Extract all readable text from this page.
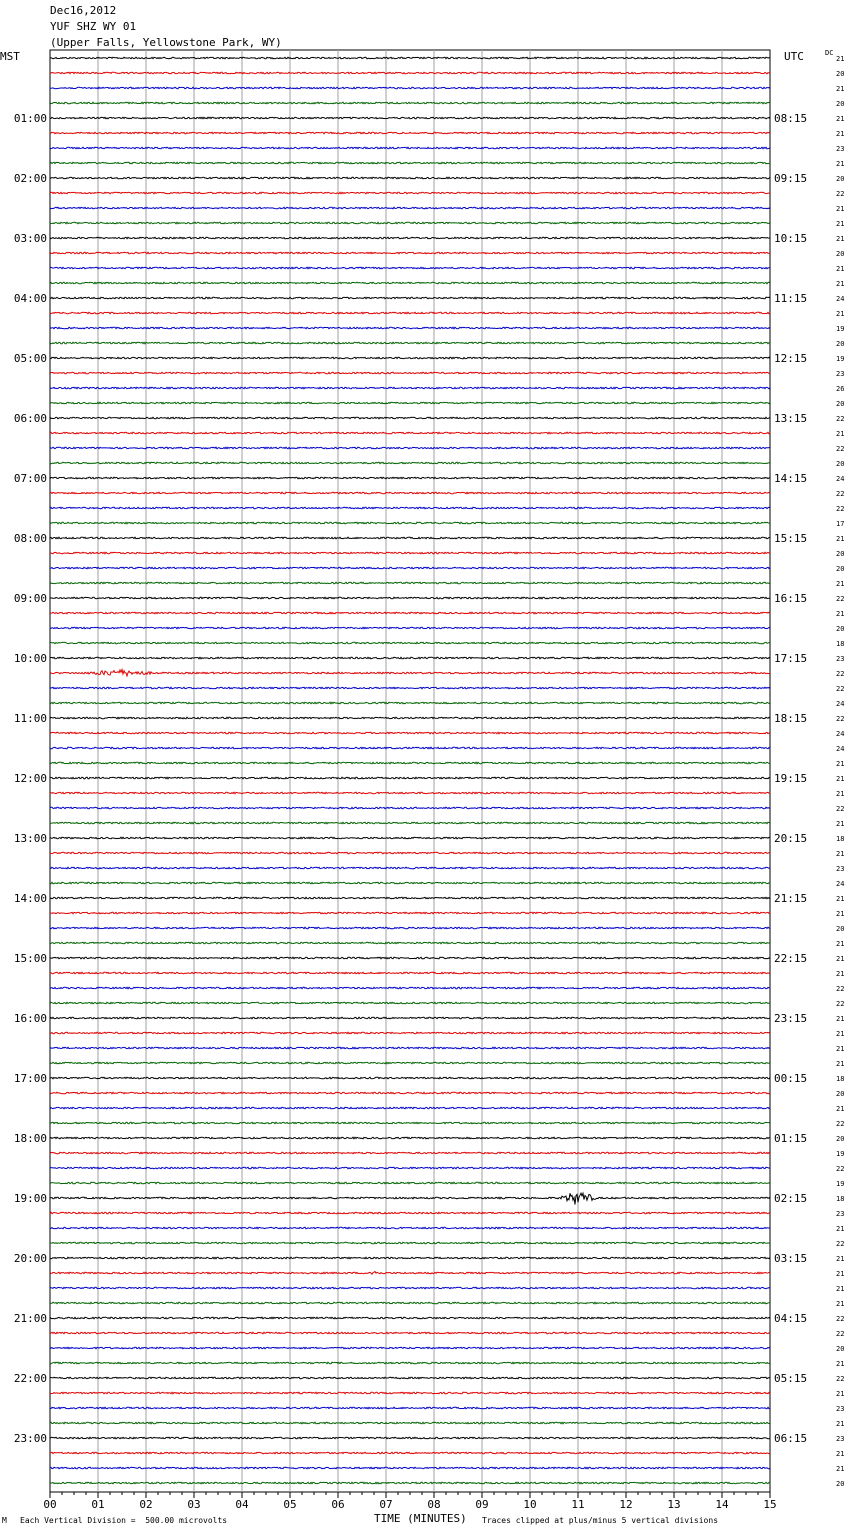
01:00
02:00
03:00
04:00
05:00
06:00
07:00
08:00
09:00
10:00
11:00
12:00
13:00
14:00
15:00
16:00
17:00
18:00
19:00
20:00
21:00
22:00
23:00
08:15
09:15
10:15
11:15
12:15
13:15
14:15
15:15
16:15
17:15
18:15
19:15
20:15
21:15
22:15
23:15
00:15
01:15
02:15
03:15
04:15
05:15
06:15
21
20
21
20
21
21
23
21
20
22
21
21
21
20
21
21
24
21
19
20
19
23
26
20
22
21
22
20
24
22
22
17
21
20
20
21
22
21
20
18
23
22
22
24
22
24
24
21
21
21
22
21
18
21
23
24
21
21
20
21
21
21
22
22
21
21
21
21
18
20
21
22
20
19
22
19
18
23
21
22
21
21
21
21
22
22
20
21
22
21
23
21
23
21
21
20
00	01	02	03	04	05	06	07	08	09	10	11	12	13	14	15
Dec16,2012
YUF SHZ WY 01
(Upper Falls, Yellowstone Park, WY)
MST	UTC	DC
M Each Vertical Division =  500.00 microvolts	TIME (MINUTES) Traces clipped at plus/minus 5 vertical divisions
